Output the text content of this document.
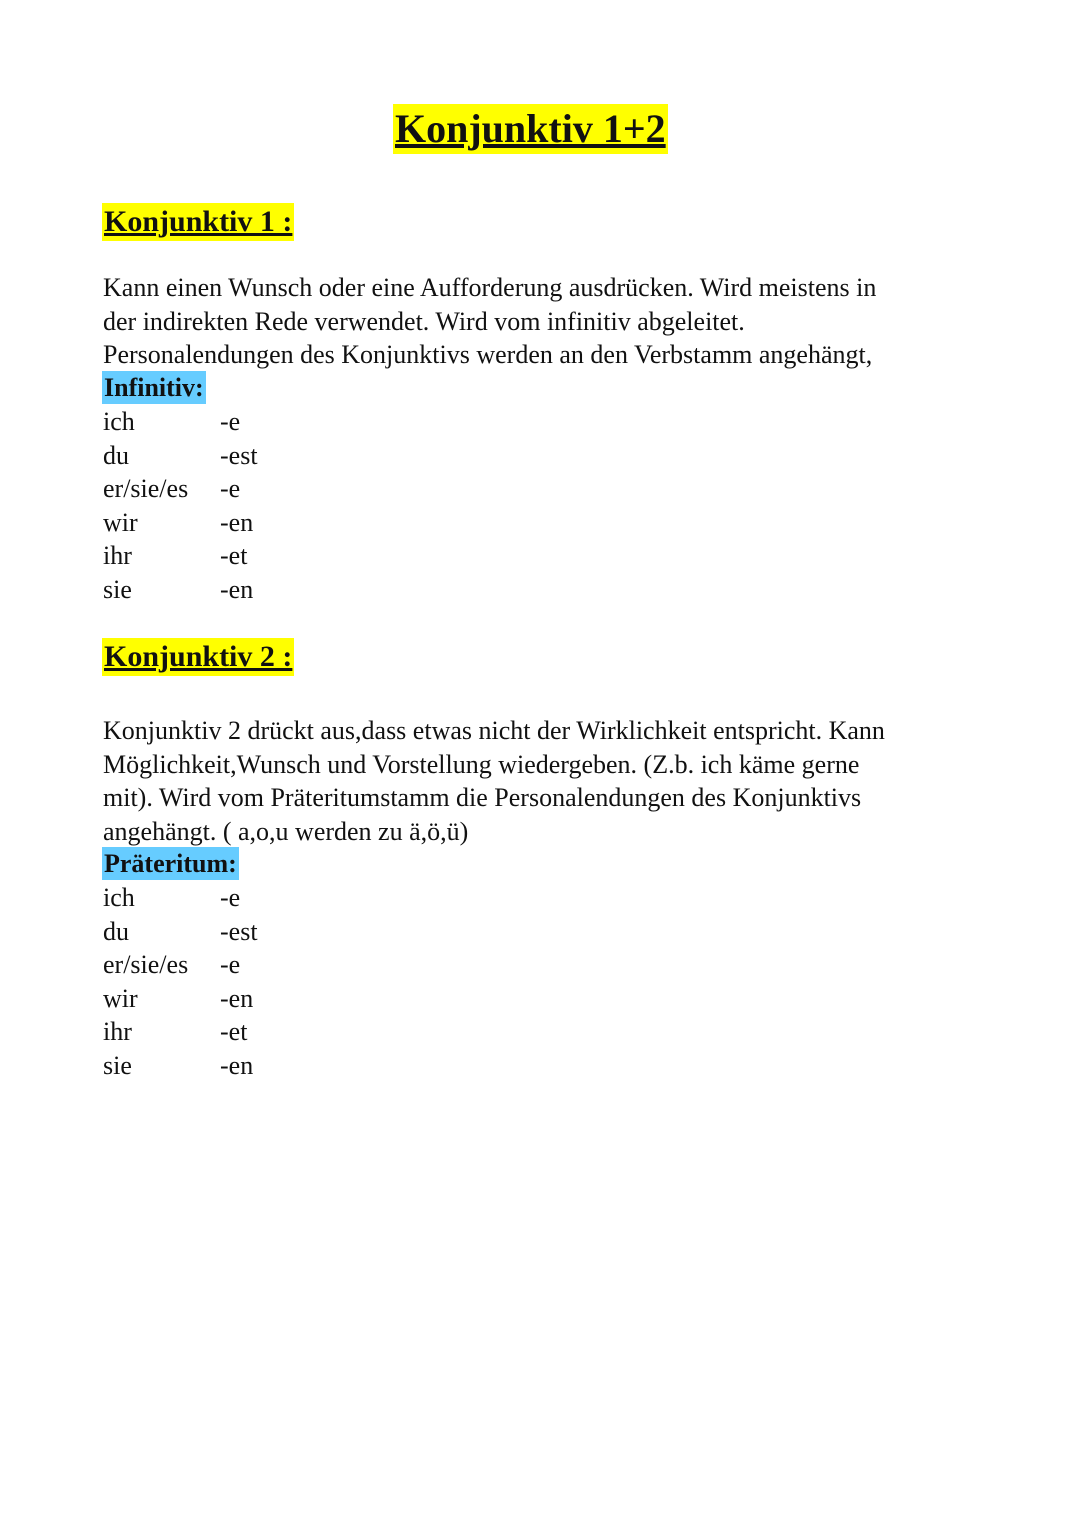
Konjunktiv 1+2
Konjunktiv 1 :

Kann einen Wunsch oder eine Aufforderung ausdrücken. Wird meistens in
der indirekten Rede verwendet. Wird vom infinitiv abgeleitet.
Personalendungen des Konjunktivs werden an den Verbstamm angehängt,

Infinitiv:
ich	-e
du	-est
er/sie/es	-e
wir	-en
ihr	-et
sie	-en
Konjunktiv 2 :

Konjunktiv 2 drückt aus,dass etwas nicht der Wirklichkeit entspricht. Kann
Möglichkeit,Wunsch und Vorstellung wiedergeben. (Z.b. ich käme gerne
mit). Wird vom Präteritumstamm die Personalendungen des Konjunktivs
angehängt. ( a,o,u werden zu ä,ö,ü)

Präteritum:
ich	-e
du	-est
er/sie/es	-e
wir	-en
ihr	-et
sie	-en
